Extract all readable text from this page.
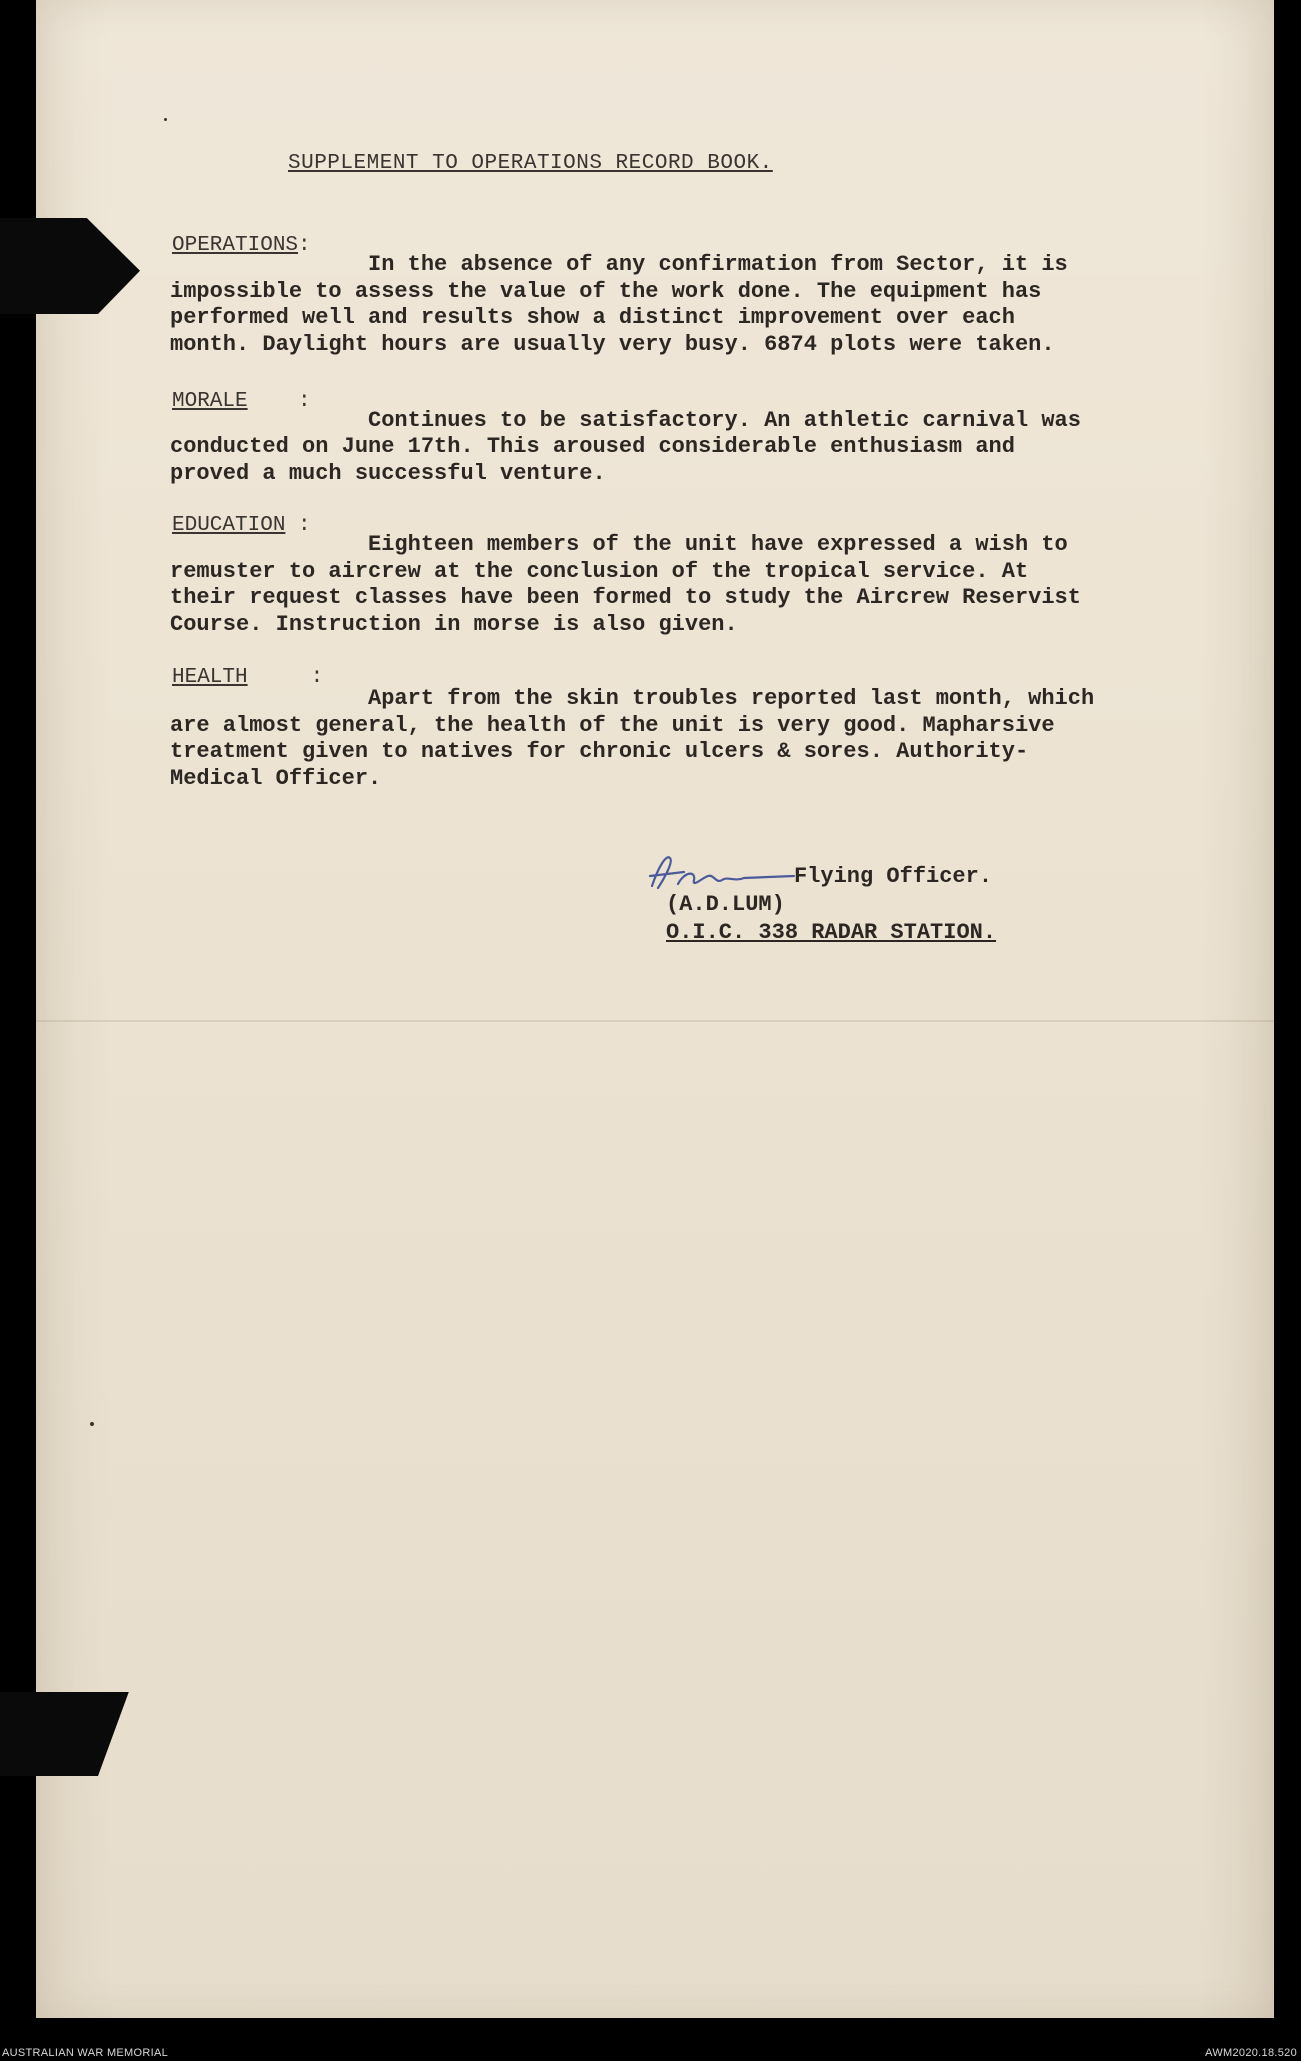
SUPPLEMENT TO OPERATIONS RECORD BOOK.
OPERATIONS:
In the absence of any confirmation from Sector, it is
impossible to assess the value of the work done. The equipment has
performed well and results show a distinct improvement over each
month. Daylight hours are usually very busy. 6874 plots were taken.
MORALE    :

Continues to be satisfactory. An athletic carnival was
conducted on June 17th. This aroused considerable enthusiasm and
proved a much successful venture.
EDUCATION :
Eighteen members of the unit have expressed a wish to
remuster to aircrew at the conclusion of the tropical service. At
their request classes have been formed to study the Aircrew Reservist
Course. Instruction in morse is also given.
HEALTH     :
Apart from the skin troubles reported last month, which
are almost general, the health of the unit is very good. Mapharsive
treatment given to natives for chronic ulcers & sores. Authority-
Medical Officer.
Flying Officer.
(A.D.LUM)
O.I.C. 338 RADAR STATION.
AUSTRALIAN WAR MEMORIAL	AWM2020.18.520
